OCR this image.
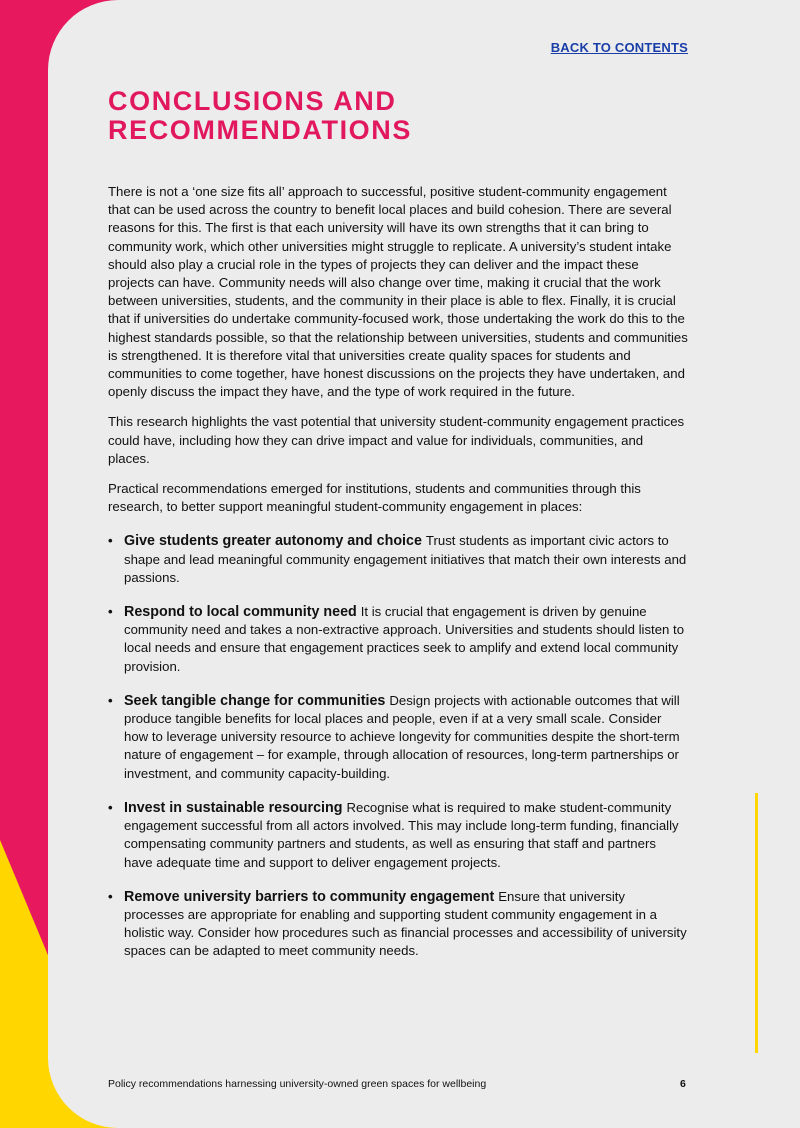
BACK TO CONTENTS
CONCLUSIONS AND
RECOMMENDATIONS

There is not a ‘one size fits all’ approach to successful, positive student-community engagement that can be used across the country to benefit local places and build cohesion. There are several reasons for this. The first is that each university will have its own strengths that it can bring to community work, which other universities might struggle to replicate. A university’s student intake should also play a crucial role in the types of projects they can deliver and the impact these projects can have. Community needs will also change over time, making it crucial that the work between universities, students, and the community in their place is able to flex. Finally, it is crucial that if universities do undertake community-focused work, those undertaking the work do this to the highest standards possible, so that the relationship between universities, students and communities is strengthened. It is therefore vital that universities create quality spaces for students and communities to come together, have honest discussions on the projects they have undertaken, and openly discuss the impact they have, and the type of work required in the future.

This research highlights the vast potential that university student-community engagement practices could have, including how they can drive impact and value for individuals, communities, and places.

Practical recommendations emerged for institutions, students and communities through this research, to better support meaningful student-community engagement in places:

• Give students greater autonomy and choice Trust students as important civic actors to shape and lead meaningful community engagement initiatives that match their own interests and passions.
• Respond to local community need It is crucial that engagement is driven by genuine community need and takes a non-extractive approach. Universities and students should listen to local needs and ensure that engagement practices seek to amplify and extend local community provision.
• Seek tangible change for communities Design projects with actionable outcomes that will produce tangible benefits for local places and people, even if at a very small scale. Consider how to leverage university resource to achieve longevity for communities despite the short-term nature of engagement – for example, through allocation of resources, long-term partnerships or investment, and community capacity-building.
• Invest in sustainable resourcing Recognise what is required to make student-community engagement successful from all actors involved. This may include long-term funding, financially compensating community partners and students, as well as ensuring that staff and partners have adequate time and support to deliver engagement projects.
• Remove university barriers to community engagement Ensure that university processes are appropriate for enabling and supporting student community engagement in a holistic way. Consider how procedures such as financial processes and accessibility of university spaces can be adapted to meet community needs.
Policy recommendations harnessing university-owned green spaces for wellbeing	6
